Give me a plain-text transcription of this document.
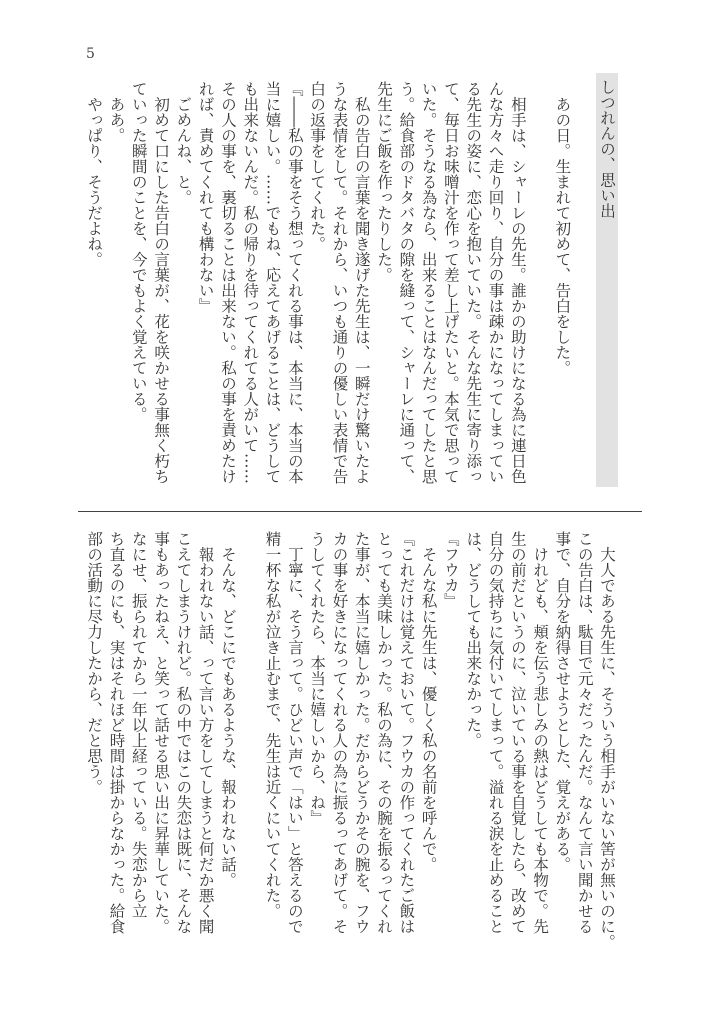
5
しつれんの、思い出
　あの日。生まれて初めて、告白をした。
　相手は、シャーレの先生。誰かの助けになる為に連日色
んな方々へ走り回り、自分の事は疎かになってしまってい
る先生の姿に、恋心を抱いていた。そんな先生に寄り添っ
て、毎日お味噌汁を作って差し上げたいと。本気で思って
いた。そうなる為なら、出来ることはなんだってしたと思
う。給食部のドタバタの隙を縫って、シャーレに通って、
先生にご飯を作ったりした。
　私の告白の言葉を聞き遂げた先生は、一瞬だけ驚いたよ
うな表情をして。それから、いつも通りの優しい表情で告
白の返事をしてくれた。
『――私の事をそう想ってくれる事は、本当に、本当の本
当に嬉しい。……でもね、応えてあげることは、どうして
も出来ないんだ。私の帰りを待ってくれてる人がいて……
その人の事を、裏切ることは出来ない。私の事を責めたけ
れば、責めてくれても構わない』
　ごめんね、と。
　初めて口にした告白の言葉が、花を咲かせる事無く朽ち
ていった瞬間のことを、今でもよく覚えている。
　ああ。
　やっぱり、そうだよね。
　大人である先生に、そういう相手がいない筈が無いのに。
この告白は、駄目で元々だったんだ。なんて言い聞かせる
事で、自分を納得させようとした、覚えがある。
　けれども、頬を伝う悲しみの熱はどうしても本物で。先
生の前だというのに、泣いている事を自覚したら、改めて
自分の気持ちに気付いてしまって。溢れる涙を止めること
は、どうしても出来なかった。
『フウカ』
　そんな私に先生は、優しく私の名前を呼んで。
『これだけは覚えておいて。フウカの作ってくれたご飯は
とっても美味しかった。私の為に、その腕を振るってくれ
た事が、本当に嬉しかった。だからどうかその腕を、フウ
カの事を好きになってくれる人の為に振るってあげて。そ
うしてくれたら、本当に嬉しいから、ね』
　丁寧に、そう言って。ひどい声で「はい」と答えるので
精一杯な私が泣き止むまで、先生は近くにいてくれた。
　そんな、どこにでもあるような、報われない話。
　報われない話、って言い方をしてしまうと何だか悪く聞
こえてしまうけれど。私の中ではこの失恋は既に、そんな
事もあったねえ、と笑って話せる思い出に昇華していた。
なにせ、振られてから一年以上経っている。失恋から立
ち直るのにも、実はそれほど時間は掛からなかった。給食
部の活動に尽力したから、だと思う。
